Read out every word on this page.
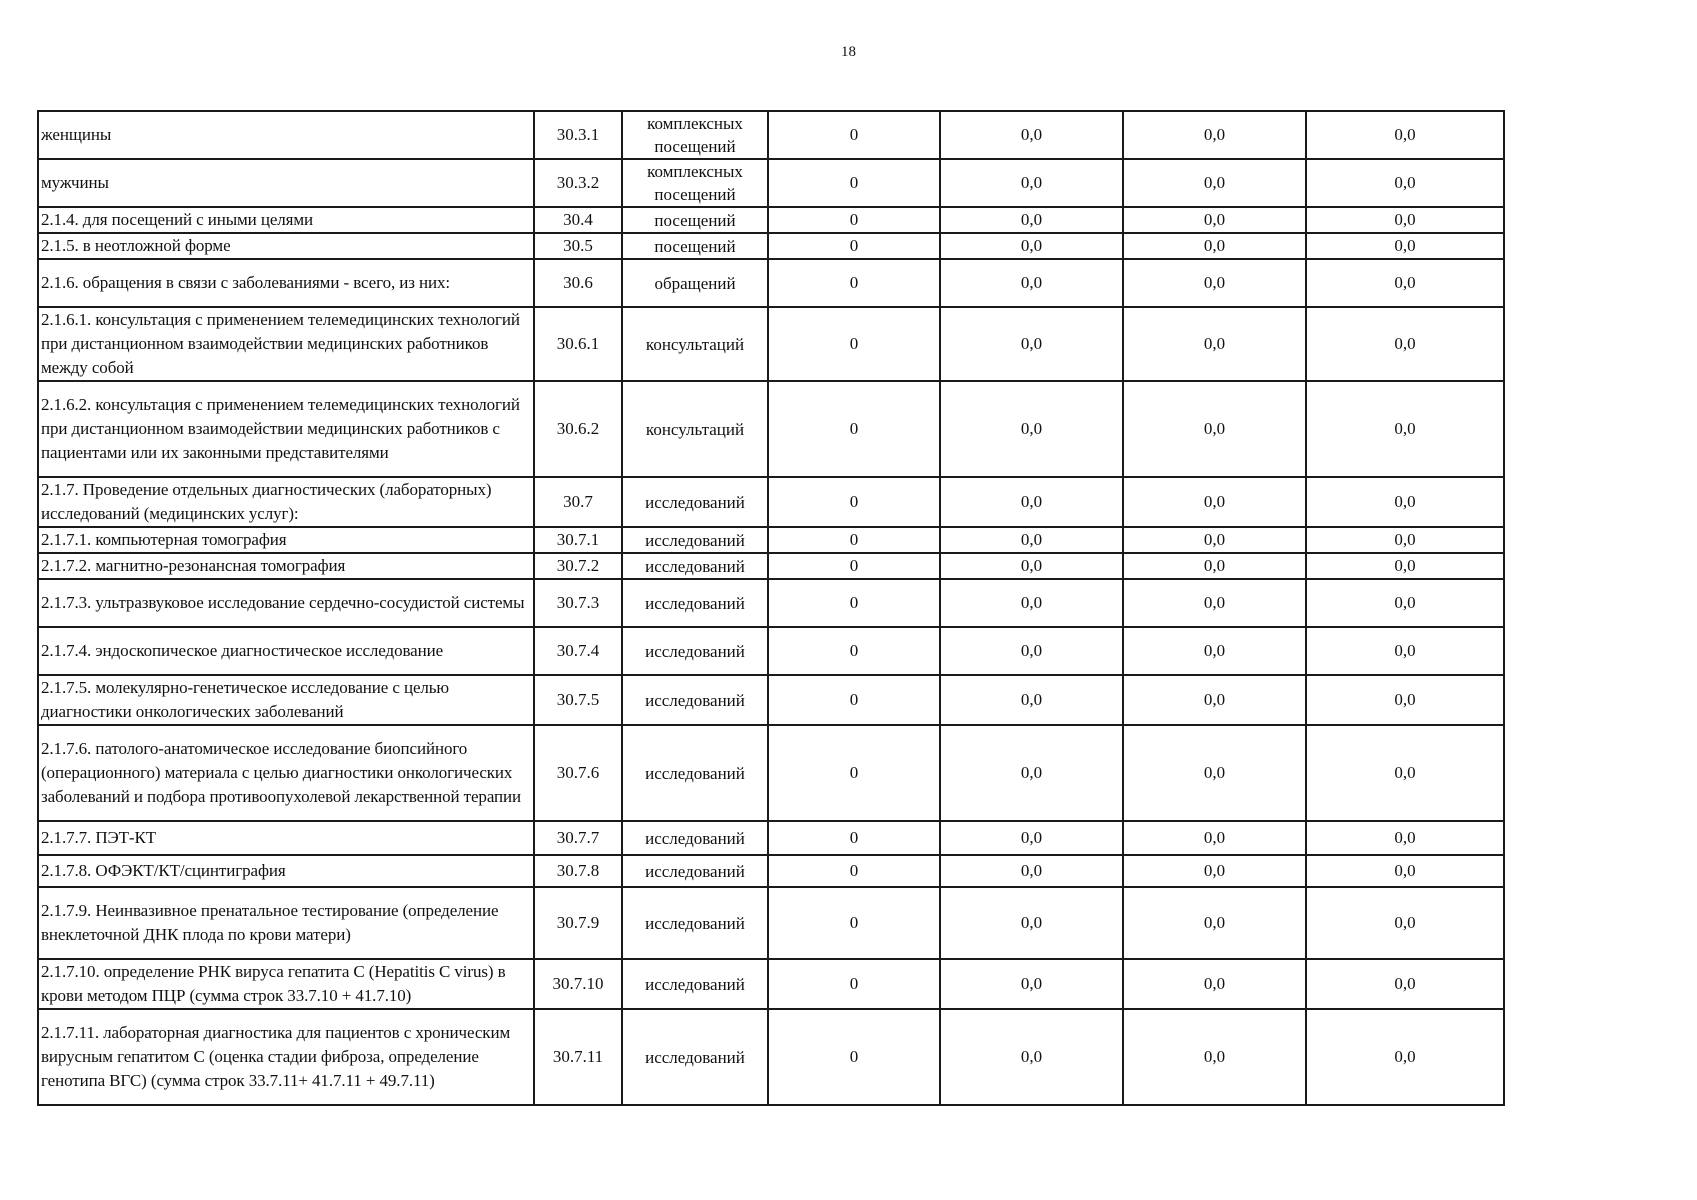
18
женщины	30.3.1	комплексных посещений	0	0,0	0,0	0,0
мужчины	30.3.2	комплексных посещений	0	0,0	0,0	0,0
2.1.4. для посещений с иными целями	30.4	посещений	0	0,0	0,0	0,0
2.1.5. в неотложной форме	30.5	посещений	0	0,0	0,0	0,0
2.1.6. обращения в связи с заболеваниями - всего, из них:	30.6	обращений	0	0,0	0,0	0,0
2.1.6.1. консультация с применением телемедицинских технологий при дистанционном взаимодействии медицинских работников между собой	30.6.1	консультаций	0	0,0	0,0	0,0
2.1.6.2. консультация с применением телемедицинских технологий при дистанционном взаимодействии медицинских работников с пациентами или их законными представителями	30.6.2	консультаций	0	0,0	0,0	0,0
2.1.7. Проведение отдельных диагностических (лабораторных) исследований (медицинских услуг):	30.7	исследований	0	0,0	0,0	0,0
2.1.7.1. компьютерная томография	30.7.1	исследований	0	0,0	0,0	0,0
2.1.7.2. магнитно-резонансная томография	30.7.2	исследований	0	0,0	0,0	0,0
2.1.7.3. ультразвуковое исследование сердечно-сосудистой системы	30.7.3	исследований	0	0,0	0,0	0,0
2.1.7.4. эндоскопическое диагностическое исследование	30.7.4	исследований	0	0,0	0,0	0,0
2.1.7.5. молекулярно-генетическое исследование с целью диагностики онкологических заболеваний	30.7.5	исследований	0	0,0	0,0	0,0
2.1.7.6. патолого-анатомическое исследование биопсийного (операционного) материала с целью диагностики онкологических заболеваний и подбора противоопухолевой лекарственной терапии	30.7.6	исследований	0	0,0	0,0	0,0
2.1.7.7. ПЭТ-КТ	30.7.7	исследований	0	0,0	0,0	0,0
2.1.7.8. ОФЭКТ/КТ/сцинтиграфия	30.7.8	исследований	0	0,0	0,0	0,0
2.1.7.9. Неинвазивное пренатальное тестирование (определение внеклеточной ДНК плода по крови матери)	30.7.9	исследований	0	0,0	0,0	0,0
2.1.7.10. определение РНК вируса гепатита С (Hepatitis C virus) в крови методом ПЦР (сумма строк 33.7.10 + 41.7.10)	30.7.10	исследований	0	0,0	0,0	0,0
2.1.7.11. лабораторная диагностика для пациентов с хроническим вирусным гепатитом С (оценка стадии фиброза, определение генотипа ВГС) (сумма строк 33.7.11+ 41.7.11 + 49.7.11)	30.7.11	исследований	0	0,0	0,0	0,0
